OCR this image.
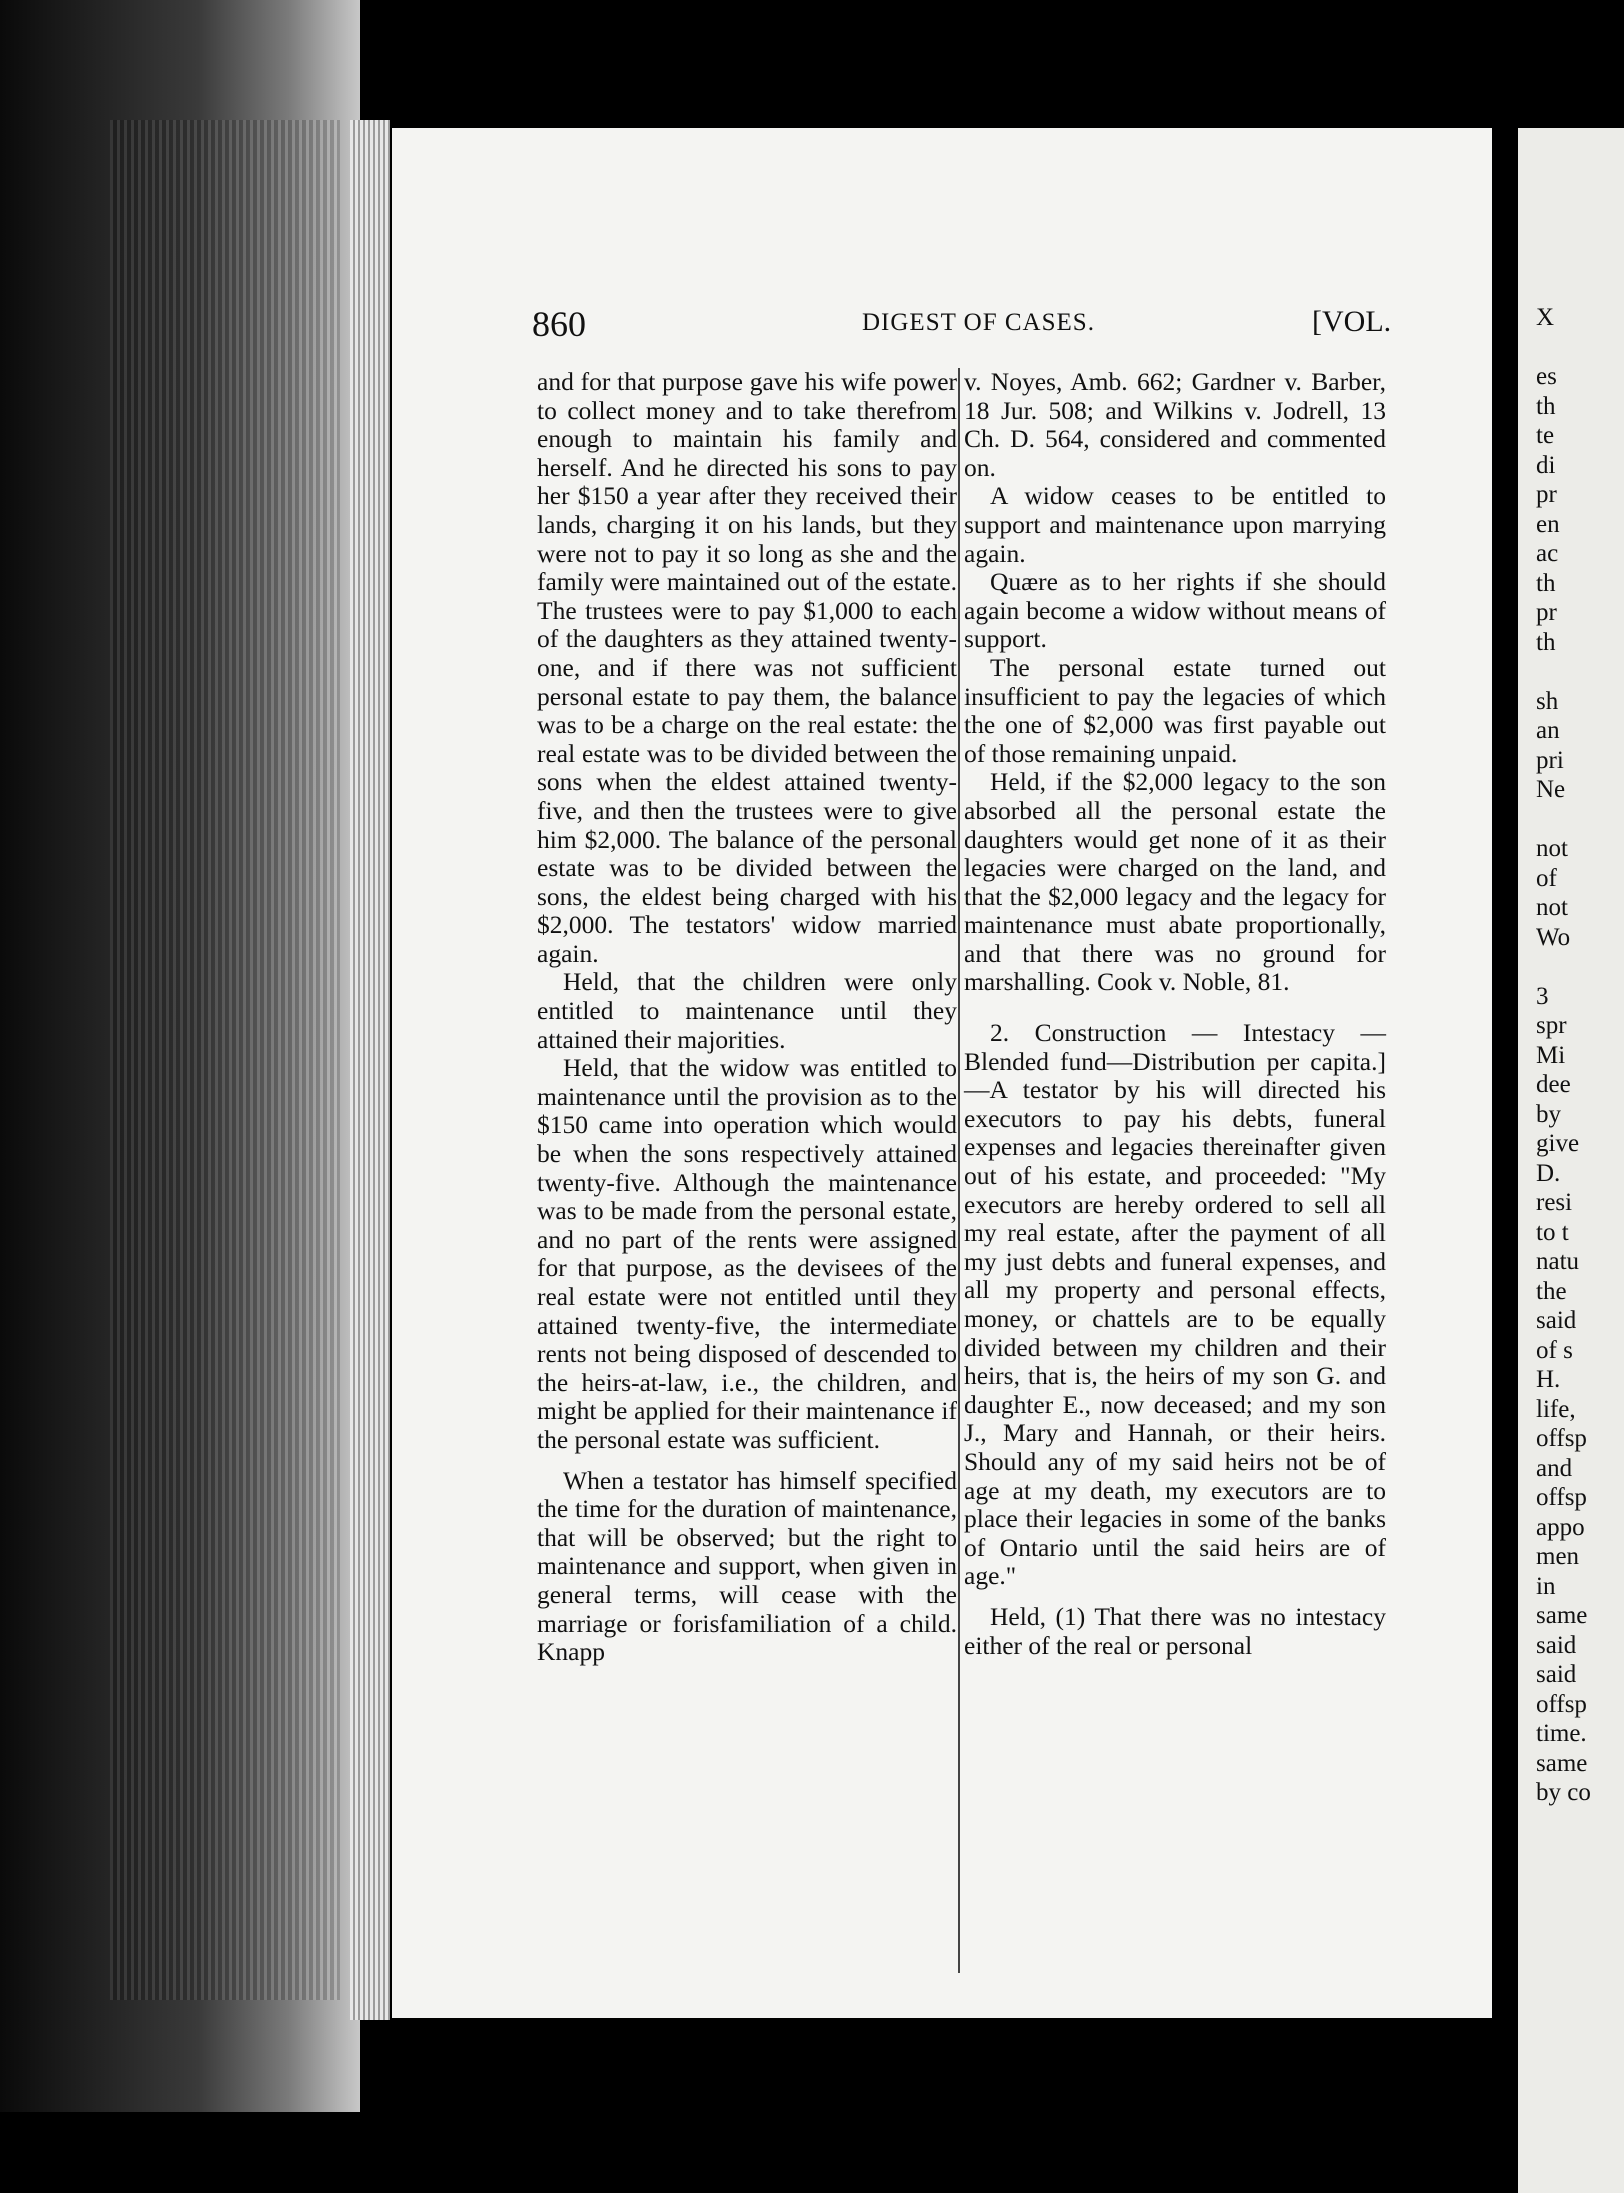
860	DIGEST OF CASES.	[VOL.

and for that purpose gave his wife power to collect money and to take therefrom enough to maintain his family and herself. And he directed his sons to pay her $150 a year after they received their lands, charging it on his lands, but they were not to pay it so long as she and the family were maintained out of the estate. The trustees were to pay $1,000 to each of the daughters as they attained twenty-one, and if there was not sufficient personal estate to pay them, the balance was to be a charge on the real estate: the real estate was to be divided between the sons when the eldest attained twenty-five, and then the trustees were to give him $2,000. The balance of the personal estate was to be divided between the sons, the eldest being charged with his $2,000. The testators' widow married again.

Held, that the children were only entitled to maintenance until they attained their majorities.

Held, that the widow was entitled to maintenance until the provision as to the $150 came into operation which would be when the sons respectively attained twenty-five. Although the maintenance was to be made from the personal estate, and no part of the rents were assigned for that purpose, as the devisees of the real estate were not entitled until they attained twenty-five, the intermediate rents not being disposed of descended to the heirs-at-law, i.e., the children, and might be applied for their maintenance if the personal estate was sufficient.

When a testator has himself specified the time for the duration of maintenance, that will be observed; but the right to maintenance and support, when given in general terms, will cease with the marriage or forisfamiliation of a child. Knapp

v. Noyes, Amb. 662; Gardner v. Barber, 18 Jur. 508; and Wilkins v. Jodrell, 13 Ch. D. 564, considered and commented on.

A widow ceases to be entitled to support and maintenance upon marrying again.

Quære as to her rights if she should again become a widow without means of support.

The personal estate turned out insufficient to pay the legacies of which the one of $2,000 was first payable out of those remaining unpaid.

Held, if the $2,000 legacy to the son absorbed all the personal estate the daughters would get none of it as their legacies were charged on the land, and that the $2,000 legacy and the legacy for maintenance must abate proportionally, and that there was no ground for marshalling. Cook v. Noble, 81.

2. Construction — Intestacy — Blended fund—Distribution per capita.]—A testator by his will directed his executors to pay his debts, funeral expenses and legacies thereinafter given out of his estate, and proceeded: "My executors are hereby ordered to sell all my real estate, after the payment of all my just debts and funeral expenses, and all my property and personal effects, money, or chattels are to be equally divided between my children and their heirs, that is, the heirs of my son G. and daughter E., now deceased; and my son J., Mary and Hannah, or their heirs. Should any of my said heirs not be of age at my death, my executors are to place their legacies in some of the banks of Ontario until the said heirs are of age."

Held, (1) That there was no intestacy either of the real or personal

X

es
th
te
di
pr
en
ac
th
pr
th

sh
an
pri
Ne

not
of
not
Wo

3
spr
Mi
dee
by
give
D.
resi
to t
natu
the
said
of s
H.
life,
offsp
and
offsp
appo
men
in
same
said
said
offsp
time.
same
by co
